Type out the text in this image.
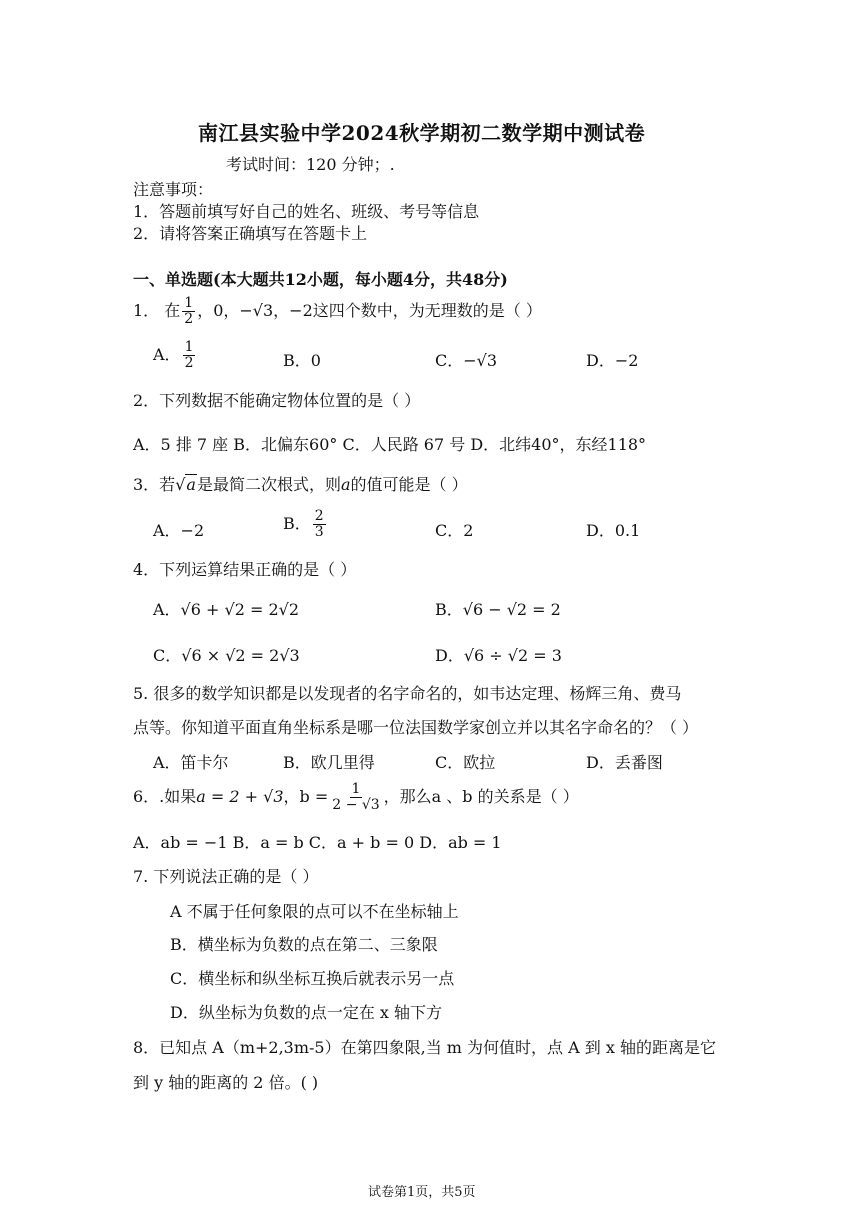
南江县实验中学2024秋学期初二数学期中测试卷
考试时间：120 分钟；.
注意事项：
1．答题前填写好自己的姓名、班级、考号等信息
2．请将答案正确填写在答题卡上
一、单选题(本大题共12小题，每小题4分，共48分)
1． 在 $\frac{1}{2}$ ，0，−√3，−2这四个数中，为无理数的是（ ）
A． $\frac{1}{2}$	B．0	C．−√3	D．−2
2．下列数据不能确定物体位置的是（ ）
A．5 排 7 座 B．北偏东60° C．人民路 67 号 D．北纬40°，东经118°
3．若√a是最简二次根式，则a的值可能是（ ）
A．−2	B． $\frac{2}{3}$	C．2	D．0.1
4．下列运算结果正确的是（ ）
A．√6 + √2 = 2√2	B．√6 − √2 = 2
C．√6 × √2 = 2√3	D．√6 ÷ √2 = 3
5. 很多的数学知识都是以发现者的名字命名的，如韦达定理、杨辉三角、费马
点等。你知道平面直角坐标系是哪一位法国数学家创立并以其名字命名的？（ ）
A．笛卡尔	B．欧几里得	C．欧拉	D．丢番图
6．.如果a = 2 + √3，$b = \frac{1}{2 - √3}$ ，那么a 、b 的关系是（ ）
A．ab = −1 B．a = b C．a + b = 0 D．ab = 1
7. 下列说法正确的是（ ）
A 不属于任何象限的点可以不在坐标轴上
B．横坐标为负数的点在第二、三象限
C．横坐标和纵坐标互换后就表示另一点
D．纵坐标为负数的点一定在 x 轴下方
8．已知点 A（m+2,3m-5）在第四象限,当 m 为何值时，点 A 到 x 轴的距离是它
到 y 轴的距离的 2 倍。( )
试卷第1页，共5页
